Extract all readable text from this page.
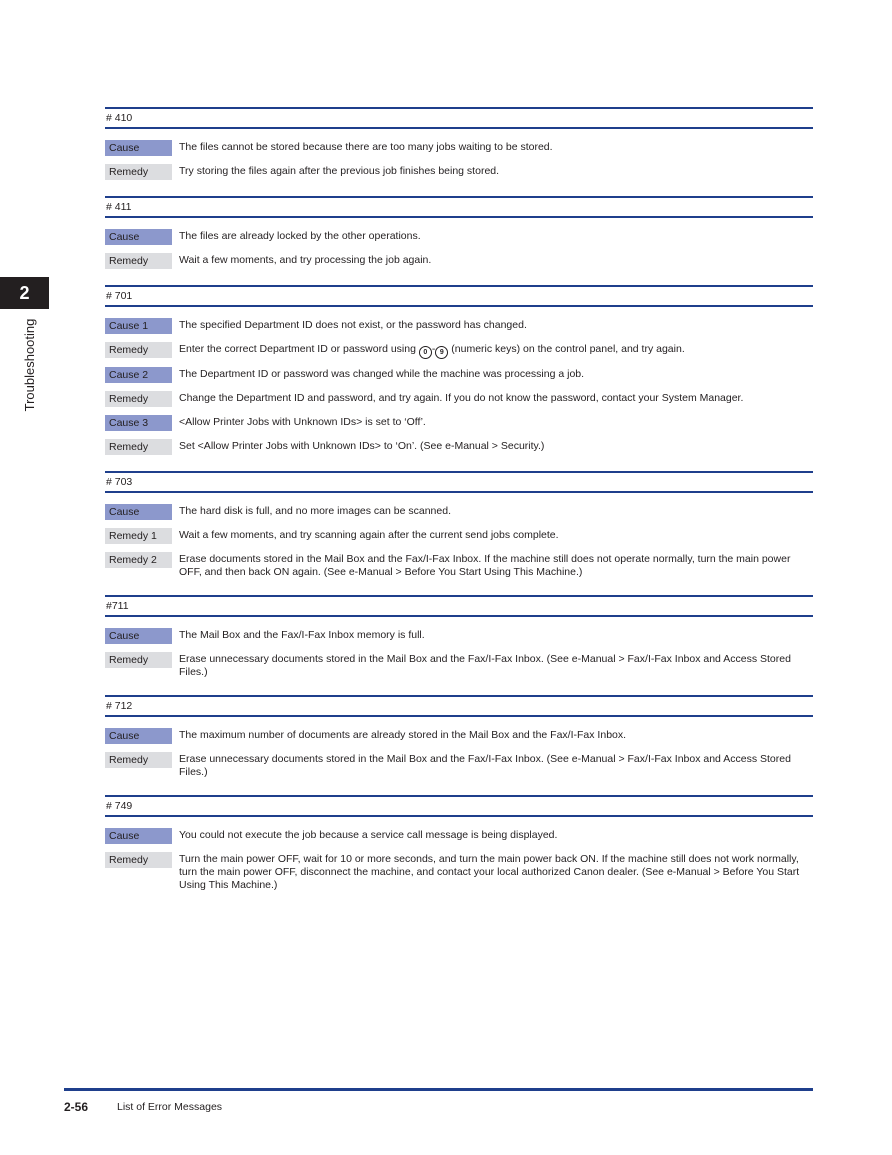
2
Troubleshooting
# 410
Cause	The files cannot be stored because there are too many jobs waiting to be stored.
Remedy	Try storing the files again after the previous job finishes being stored.
# 411
Cause	The files are already locked by the other operations.
Remedy	Wait a few moments, and try processing the job again.
# 701
Cause 1	The specified Department ID does not exist, or the password has changed.
Remedy	Enter the correct Department ID or password using 0 - 9 (numeric keys) on the control panel, and try again.
Cause 2	The Department ID or password was changed while the machine was processing a job.
Remedy	Change the Department ID and password, and try again. If you do not know the password, contact your System Manager.
Cause 3	<Allow Printer Jobs with Unknown IDs> is set to ‘Off’.
Remedy	Set <Allow Printer Jobs with Unknown IDs> to ‘On’. (See e-Manual > Security.)
# 703
Cause	The hard disk is full, and no more images can be scanned.
Remedy 1	Wait a few moments, and try scanning again after the current send jobs complete.
Remedy 2	Erase documents stored in the Mail Box and the Fax/I-Fax Inbox. If the machine still does not operate normally, turn the main power OFF, and then back ON again. (See e-Manual > Before You Start Using This Machine.)
#711
Cause	The Mail Box and the Fax/I-Fax Inbox memory is full.
Remedy	Erase unnecessary documents stored in the Mail Box and the Fax/I-Fax Inbox. (See e-Manual > Fax/I-Fax Inbox and Access Stored Files.)
# 712
Cause	The maximum number of documents are already stored in the Mail Box and the Fax/I-Fax Inbox.
Remedy	Erase unnecessary documents stored in the Mail Box and the Fax/I-Fax Inbox. (See e-Manual > Fax/I-Fax Inbox and Access Stored Files.)
# 749
Cause	You could not execute the job because a service call message is being displayed.
Remedy	Turn the main power OFF, wait for 10 or more seconds, and turn the main power back ON. If the machine still does not work normally, turn the main power OFF, disconnect the machine, and contact your local authorized Canon dealer. (See e-Manual > Before You Start Using This Machine.)
2-56	List of Error Messages
